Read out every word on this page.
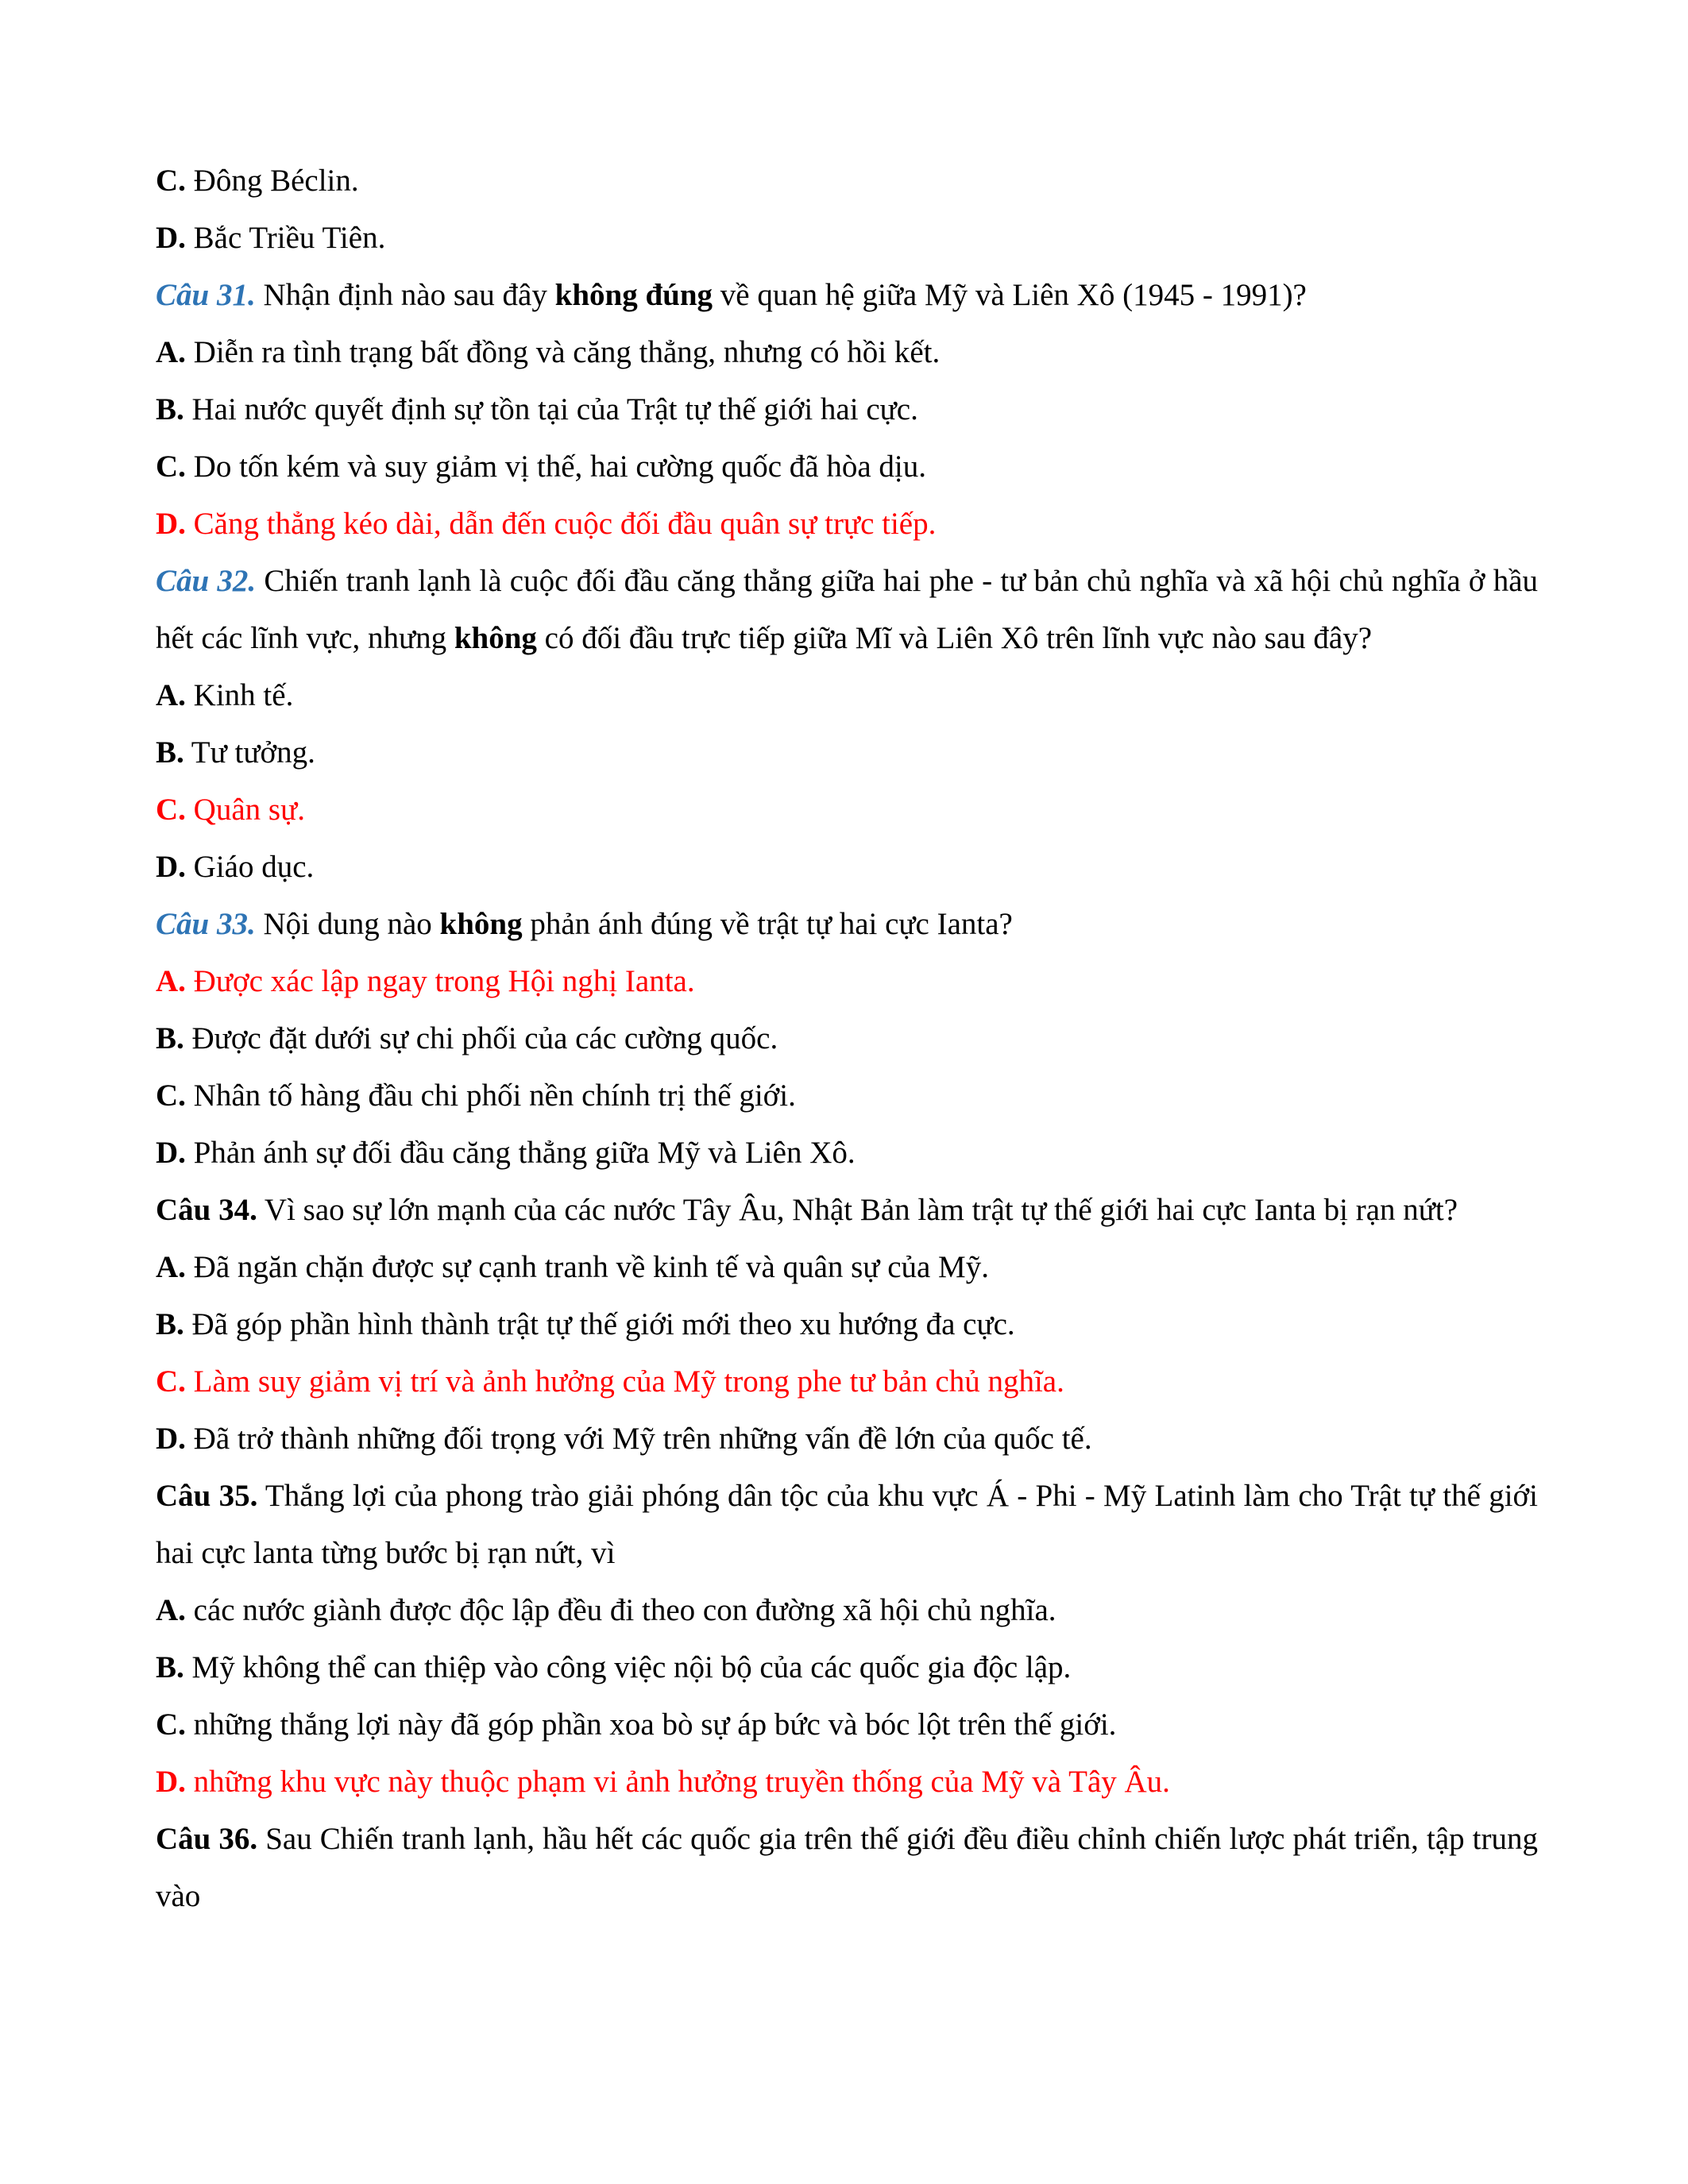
C. Đông Béclin.
D. Bắc Triều Tiên.
Câu 31. Nhận định nào sau đây không đúng về quan hệ giữa Mỹ và Liên Xô (1945 - 1991)?
A. Diễn ra tình trạng bất đồng và căng thẳng, nhưng có hồi kết.
B. Hai nước quyết định sự tồn tại của Trật tự thế giới hai cực.
C. Do tốn kém và suy giảm vị thế, hai cường quốc đã hòa dịu.
D. Căng thẳng kéo dài, dẫn đến cuộc đối đầu quân sự trực tiếp.
Câu 32. Chiến tranh lạnh là cuộc đối đầu căng thẳng giữa hai phe - tư bản chủ nghĩa và xã hội chủ nghĩa ở hầu hết các lĩnh vực, nhưng không có đối đầu trực tiếp giữa Mĩ và Liên Xô trên lĩnh vực nào sau đây?
A. Kinh tế.
B. Tư tưởng.
C. Quân sự.
D. Giáo dục.
Câu 33. Nội dung nào không phản ánh đúng về trật tự hai cực Ianta?
A. Được xác lập ngay trong Hội nghị Ianta.
B. Được đặt dưới sự chi phối của các cường quốc.
C. Nhân tố hàng đầu chi phối nền chính trị thế giới.
D. Phản ánh sự đối đầu căng thẳng giữa Mỹ và Liên Xô.
Câu 34. Vì sao sự lớn mạnh của các nước Tây Âu, Nhật Bản làm trật tự thế giới hai cực Ianta bị rạn nứt?
A. Đã ngăn chặn được sự cạnh tranh về kinh tế và quân sự của Mỹ.
B. Đã góp phần hình thành trật tự thế giới mới theo xu hướng đa cực.
C. Làm suy giảm vị trí và ảnh hưởng của Mỹ trong phe tư bản chủ nghĩa.
D. Đã trở thành những đối trọng với Mỹ trên những vấn đề lớn của quốc tế.
Câu 35. Thắng lợi của phong trào giải phóng dân tộc của khu vực Á - Phi - Mỹ Latinh làm cho Trật tự thế giới hai cực lanta từng bước bị rạn nứt, vì
A. các nước giành được độc lập đều đi theo con đường xã hội chủ nghĩa.
B. Mỹ không thể can thiệp vào công việc nội bộ của các quốc gia độc lập.
C. những thắng lợi này đã góp phần xoa bò sự áp bức và bóc lột trên thế giới.
D. những khu vực này thuộc phạm vi ảnh hưởng truyền thống của Mỹ và Tây Âu.
Câu 36. Sau Chiến tranh lạnh, hầu hết các quốc gia trên thế giới đều điều chỉnh chiến lược phát triển, tập trung vào
